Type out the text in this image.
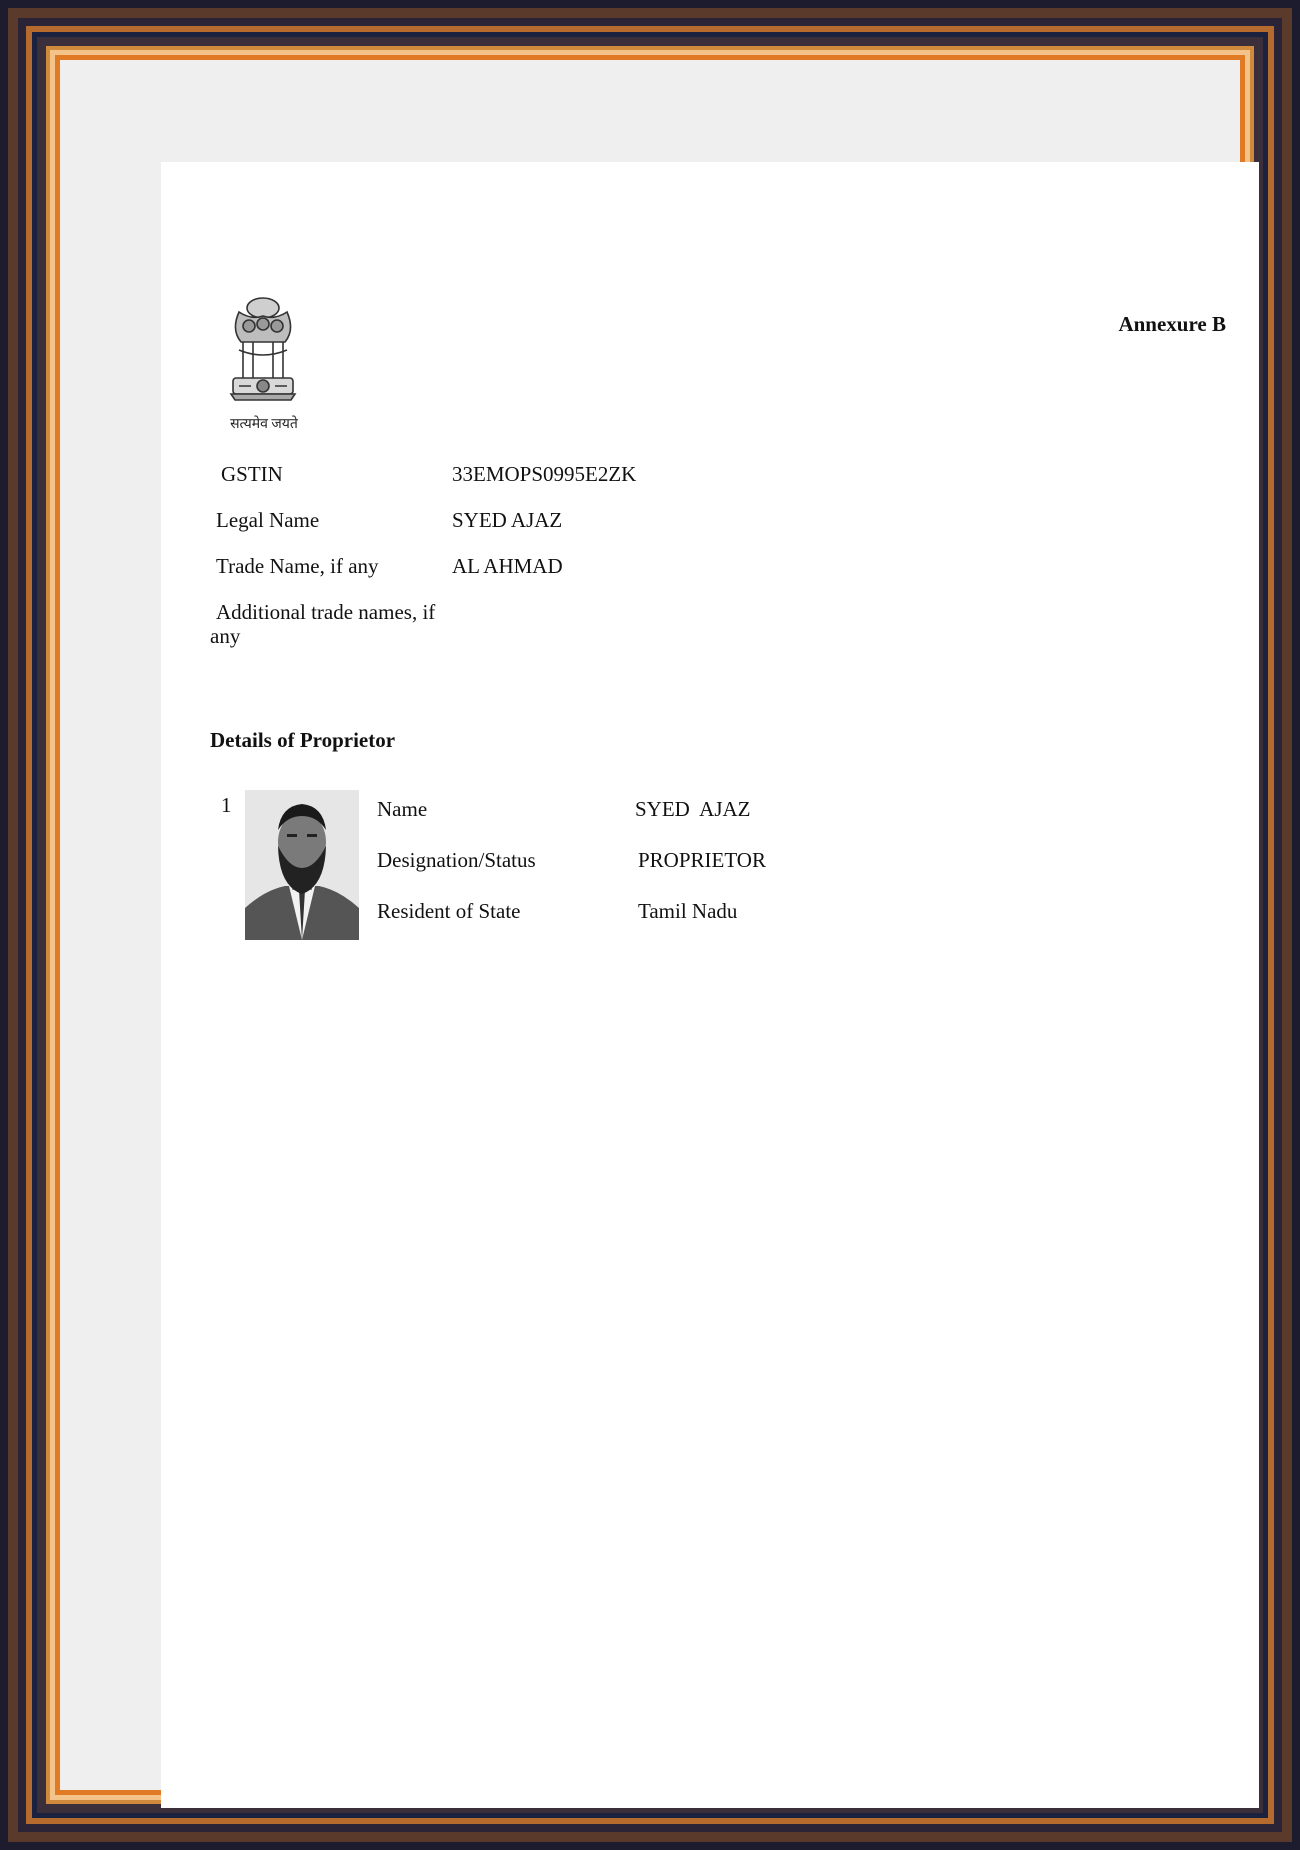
सत्यमेव जयते
Annexure B
GSTIN	33EMOPS0995E2ZK
Legal Name	SYED AJAZ
Trade Name, if any	AL AHMAD
Additional trade names, if any
Details of Proprietor
1	Name	SYED  AJAZ
Designation/Status	PROPRIETOR
Resident of State	Tamil Nadu
